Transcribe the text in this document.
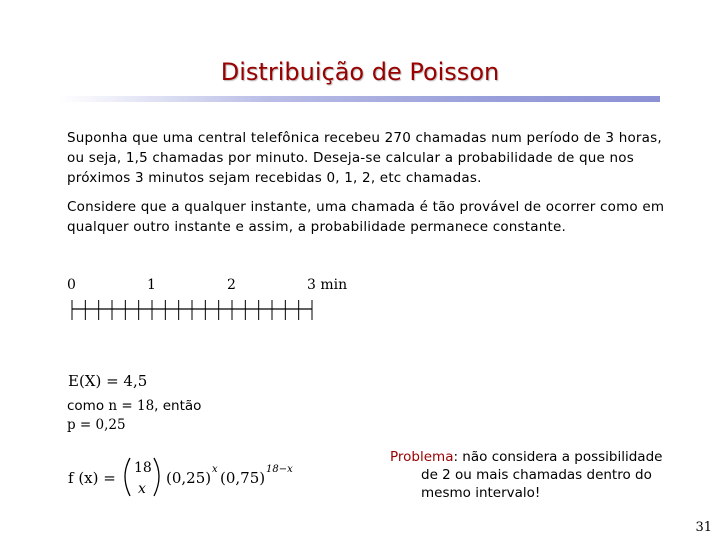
Distribuição de Poisson
Suponha que uma central telefônica recebeu 270 chamadas num período de 3 horas, ou seja, 1,5 chamadas por minuto. Deseja-se calcular a probabilidade de que nos próximos 3 minutos sejam recebidas 0, 1, 2, etc chamadas.
Considere que a qualquer instante, uma chamada é tão provável de ocorrer como em qualquer outro instante e assim, a probabilidade permanece constante.
0	1	2	3 min
E(X) = 4,5
como n = 18, então
p = 0,25
f (x) =
18
x
(0,25) x (0,75) 18−x
Problema: não considera a possibilidade
de 2 ou mais chamadas dentro do
mesmo intervalo!
31
